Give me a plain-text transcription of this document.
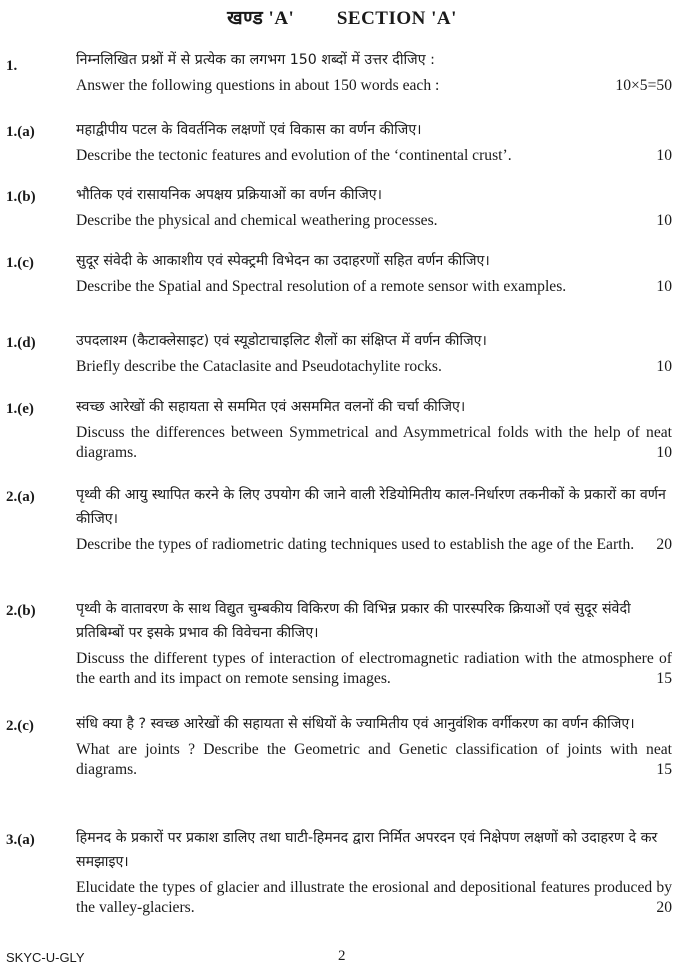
खण्ड 'A' SECTION 'A'
1.	निम्नलिखित प्रश्नों में से प्रत्येक का लगभग 150 शब्दों में उत्तर दीजिए :
Answer the following questions in about 150 words each :	10×5=50
1.(a)	महाद्वीपीय पटल के विवर्तनिक लक्षणों एवं विकास का वर्णन कीजिए।
Describe the tectonic features and evolution of the ‘continental crust’.	10
1.(b)	भौतिक एवं रासायनिक अपक्षय प्रक्रियाओं का वर्णन कीजिए।
Describe the physical and chemical weathering processes.	10
1.(c)	सुदूर संवेदी के आकाशीय एवं स्पेक्ट्रमी विभेदन का उदाहरणों सहित वर्णन कीजिए।
Describe the Spatial and Spectral resolution of a remote sensor with examples.	10
1.(d)	उपदलाश्म (कैटाक्लेसाइट) एवं स्यूडोटाचाइलिट शैलों का संक्षिप्त में वर्णन कीजिए।
Briefly describe the Cataclasite and Pseudotachylite rocks.	10
1.(e)	स्वच्छ आरेखों की सहायता से सममित एवं असममित वलनों की चर्चा कीजिए।
Discuss the differences between Symmetrical and Asymmetrical folds with the help of neat diagrams.	10
2.(a)	पृथ्वी की आयु स्थापित करने के लिए उपयोग की जाने वाली रेडियोमितीय काल-निर्धारण तकनीकों के प्रकारों का वर्णन कीजिए।
Describe the types of radiometric dating techniques used to establish the age of the Earth. 20
2.(b)	पृथ्वी के वातावरण के साथ विद्युत चुम्बकीय विकिरण की विभिन्न प्रकार की पारस्परिक क्रियाओं एवं सुदूर संवेदी प्रतिबिम्बों पर इसके प्रभाव की विवेचना कीजिए।
Discuss the different types of interaction of electromagnetic radiation with the atmosphere of the earth and its impact on remote sensing images.	15
2.(c)	संधि क्या है ? स्वच्छ आरेखों की सहायता से संधियों के ज्यामितीय एवं आनुवंशिक वर्गीकरण का वर्णन कीजिए।
What are joints ? Describe the Geometric and Genetic classification of joints with neat diagrams.	15
3.(a)	हिमनद के प्रकारों पर प्रकाश डालिए तथा घाटी-हिमनद द्वारा निर्मित अपरदन एवं निक्षेपण लक्षणों को उदाहरण दे कर समझाइए।
Elucidate the types of glacier and illustrate the erosional and depositional features produced by the valley-glaciers.	20
SKYC-U-GLY	2
